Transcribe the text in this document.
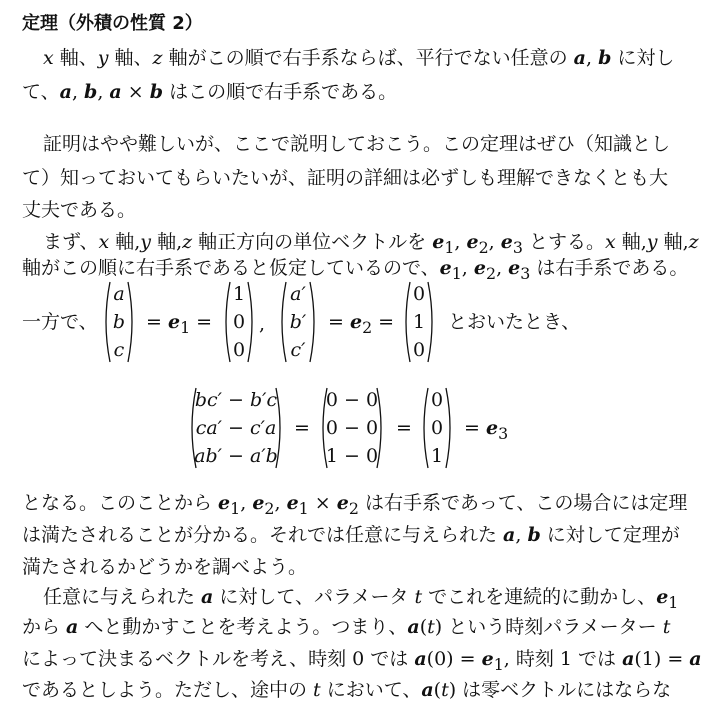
定理（外積の性質 2）
x 軸、y 軸、z 軸がこの順で右手系ならば、平行でない任意の a, b に対し
て、a, b, a × b はこの順で右手系である。
証明はやや難しいが、ここで説明しておこう。この定理はぜひ（知識とし
て）知っておいてもらいたいが、証明の詳細は必ずしも理解できなくとも大
丈夫である。
まず、x 軸,y 軸,z 軸正方向の単位ベクトルを $e_1$, $e_2$, $e_3$ とする。x 軸,y 軸,z
軸がこの順に右手系であると仮定しているので、$e_1$, $e_2$, $e_3$ は右手系である。
一方で、
a
b
c
= $e_1$ =
1
0
0
,
a′
b′
c′
= $e_2$ =
0
1
0
とおいたとき、
bc′ − b′c
ca′ − c′a
ab′ − a′b
=
0 − 0
0 − 0
1 − 0
=
0
0
1
= $e_3$
となる。このことから $e_1$, $e_2$, $e_1 \times e_2$ は右手系であって、この場合には定理
は満たされることが分かる。それでは任意に与えられた a, b に対して定理が
満たされるかどうかを調べよう。
任意に与えられた a に対して、パラメータ t でこれを連続的に動かし、$e_1$
から a へと動かすことを考えよう。つまり、a(t) という時刻パラメーター t
によって決まるベクトルを考え、時刻 0 では $a(0) = e_1$, 時刻 1 では a(1) = a
であるとしよう。ただし、途中の t において、a(t) は零ベクトルにはならな
